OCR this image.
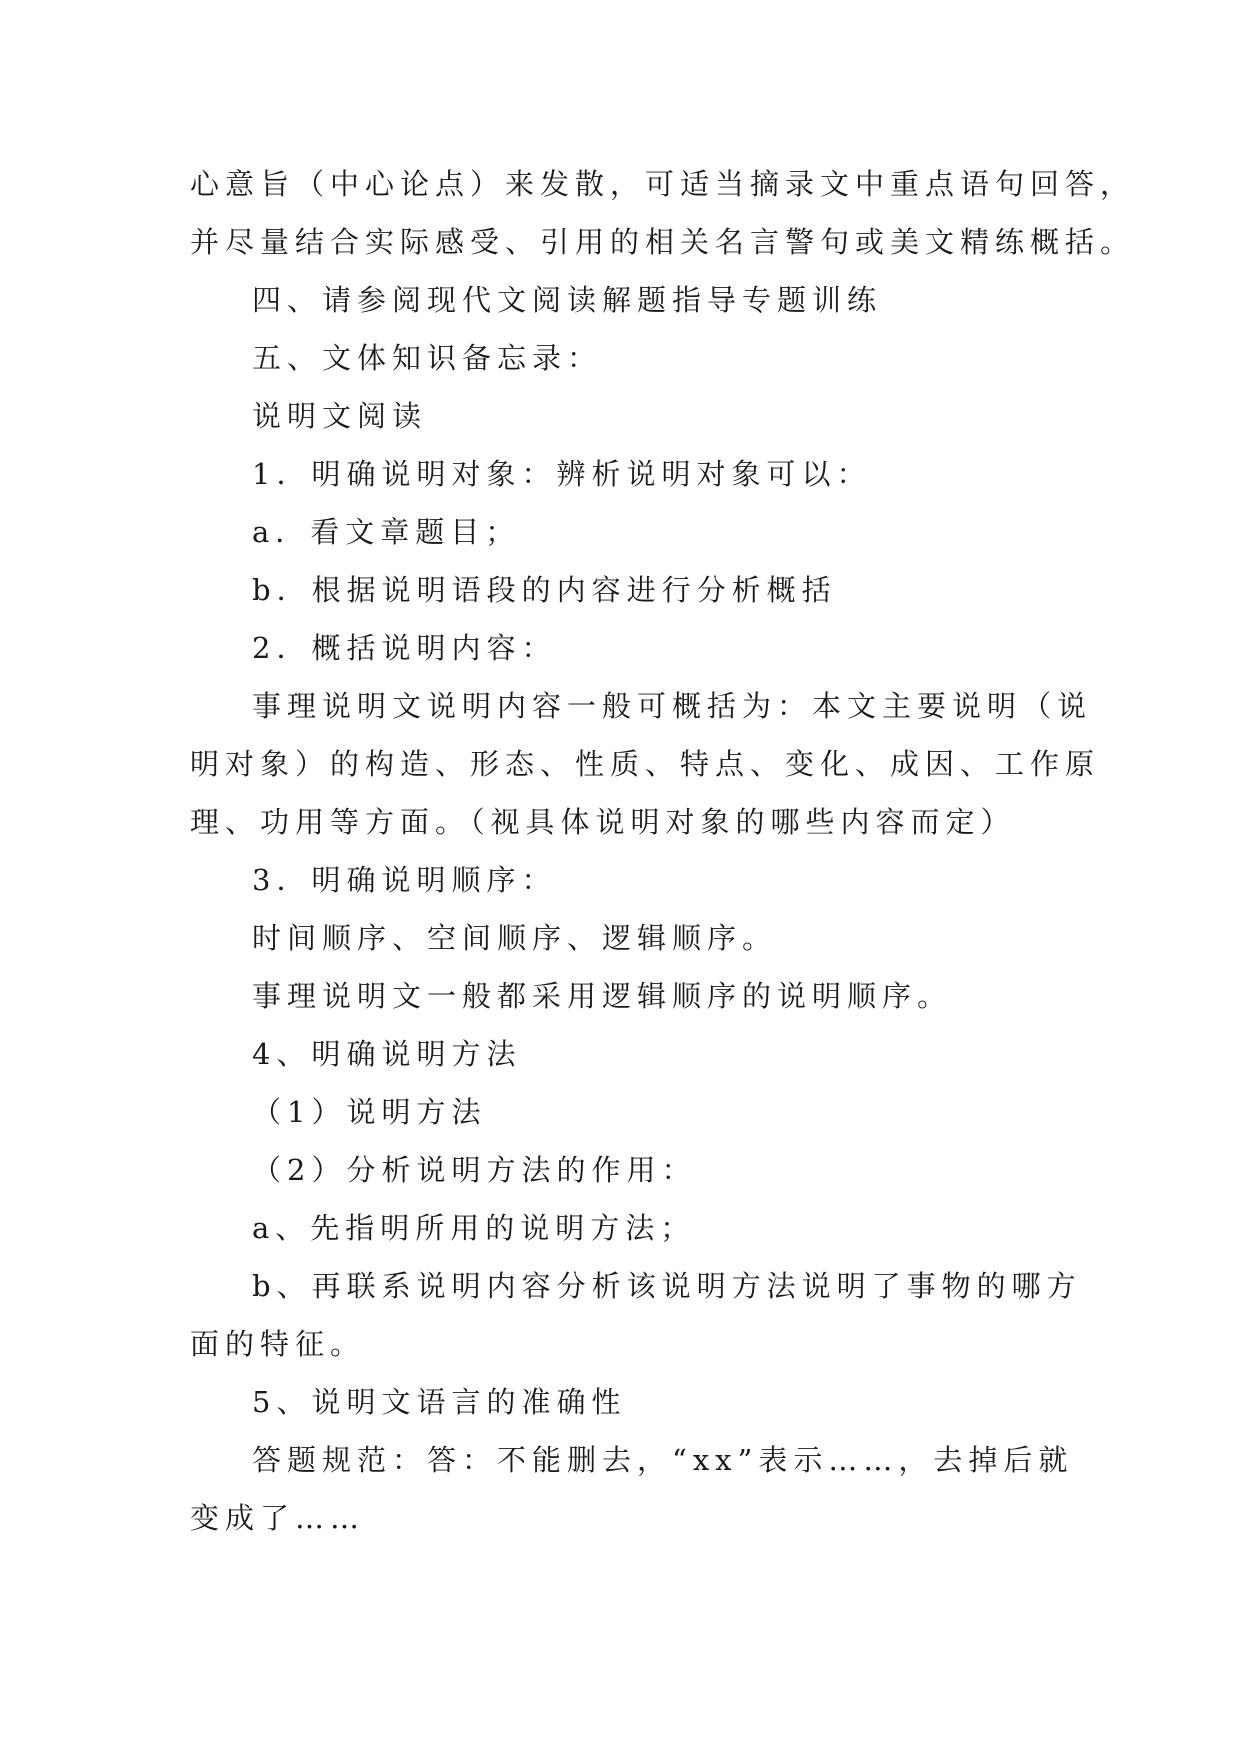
心意旨（中心论点）来发散，可适当摘录文中重点语句回答，
并尽量结合实际感受、引用的相关名言警句或美文精练概括。
四、请参阅现代文阅读解题指导专题训练
五、文体知识备忘录：
说明文阅读
1．明确说明对象：辨析说明对象可以：
a．看文章题目；
b．根据说明语段的内容进行分析概括
2．概括说明内容：
事理说明文说明内容一般可概括为：本文主要说明（说
明对象）的构造、形态、性质、特点、变化、成因、工作原
理、功用等方面。（视具体说明对象的哪些内容而定）
3．明确说明顺序：
时间顺序、空间顺序、逻辑顺序。
事理说明文一般都采用逻辑顺序的说明顺序。
4、明确说明方法
（1）说明方法
（2）分析说明方法的作用：
a、先指明所用的说明方法；
b、再联系说明内容分析该说明方法说明了事物的哪方
面的特征。
5、说明文语言的准确性
答题规范：答：不能删去，“xx”表示……，去掉后就
变成了……
